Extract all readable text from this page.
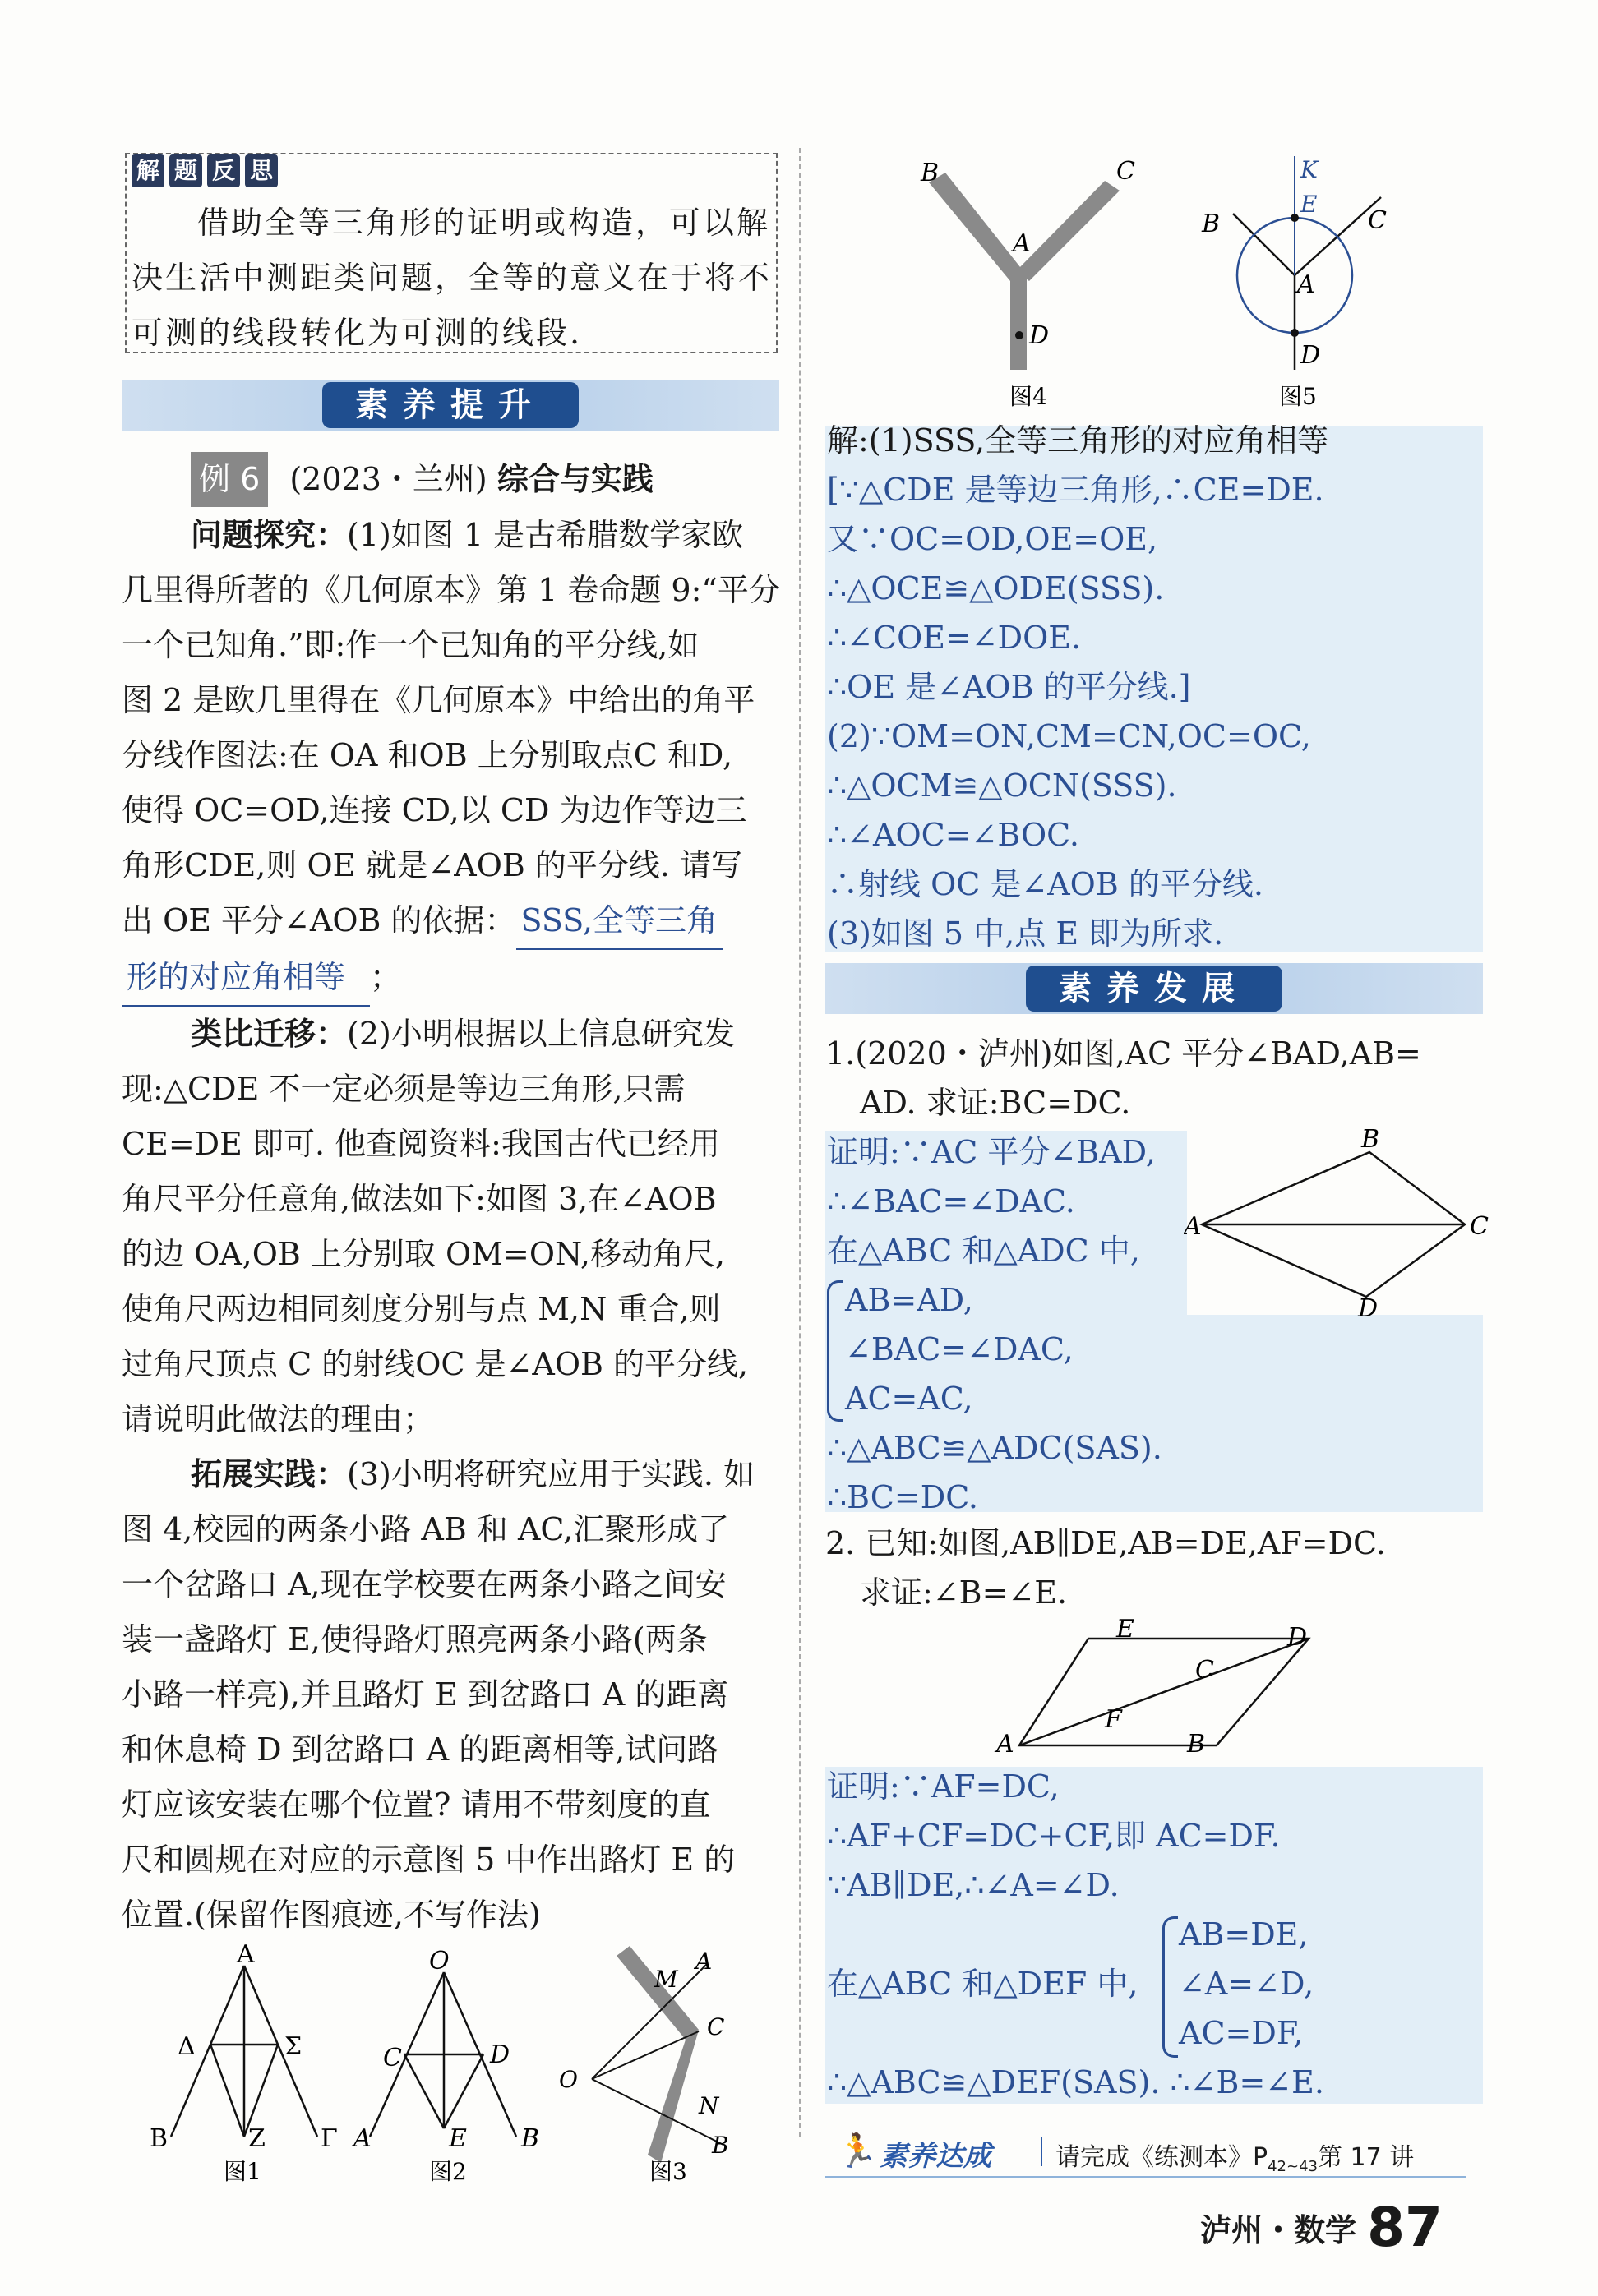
解 题 反 思
借助全等三角形的证明或构造，可以解
决生活中测距类问题，全等的意义在于将不
可测的线段转化为可测的线段.
素养提升
例 6 (2023・兰州) 综合与实践
问题探究：(1)如图 1 是古希腊数学家欧
几里得所著的《几何原本》第 1 卷命题 9:“平分
一个已知角.”即:作一个已知角的平分线,如
图 2 是欧几里得在《几何原本》中给出的角平
分线作图法:在 OA 和OB 上分别取点C 和D,
使得 OC=OD,连接 CD,以 CD 为边作等边三
角形CDE,则 OE 就是∠AOB 的平分线. 请写
出 OE 平分∠AOB 的依据： SSS,全等三角
形的对应角相等 ；
类比迁移：(2)小明根据以上信息研究发
现:△CDE 不一定必须是等边三角形,只需
CE=DE 即可. 他查阅资料:我国古代已经用
角尺平分任意角,做法如下:如图 3,在∠AOB
的边 OA,OB 上分别取 OM=ON,移动角尺,
使角尺两边相同刻度分别与点 M,N 重合,则
过角尺顶点 C 的射线OC 是∠AOB 的平分线,
请说明此做法的理由；
拓展实践：(3)小明将研究应用于实践. 如
图 4,校园的两条小路 AB 和 AC,汇聚形成了
一个岔路口 A,现在学校要在两条小路之间安
装一盏路灯 E,使得路灯照亮两条小路(两条
小路一样亮),并且路灯 E 到岔路口 A 的距离
和休息椅 D 到岔路口 A 的距离相等,试问路
灯应该安装在哪个位置? 请用不带刻度的直
尺和圆规在对应的示意图 5 中作出路灯 E 的
位置.(保留作图痕迹,不写作法)
A
Δ	Σ
B	Z Γ
图1
O
C	D
A	E B
图2
M
A
C
O
N
B
图3
B	C
A
D
图4
K
E
B	C
A
D
图5
解:(1)SSS,全等三角形的对应角相等
[∵△CDE 是等边三角形,∴CE=DE.
又∵OC=OD,OE=OE,
∴△OCE≌△ODE(SSS).
∴∠COE=∠DOE.
∴OE 是∠AOB 的平分线.]
(2)∵OM=ON,CM=CN,OC=OC,
∴△OCM≌△OCN(SSS).
∴∠AOC=∠BOC.
∴射线 OC 是∠AOB 的平分线.
(3)如图 5 中,点 E 即为所求.
素养发展
1.(2020・泸州)如图,AC 平分∠BAD,AB=
AD. 求证:BC=DC.
证明:∵AC 平分∠BAD,
∴∠BAC=∠DAC.
在△ABC 和△ADC 中,
AB=AD,
∠BAC=∠DAC,
AC=AC,
∴△ABC≌△ADC(SAS).
∴BC=DC.
B
A	C
D
2. 已知:如图,AB∥DE,AB=DE,AF=DC.
求证:∠B=∠E.
E	D
C
F
A	B
证明:∵AF=DC,
∴AF+CF=DC+CF,即 AC=DF.
∵AB∥DE,∴∠A=∠D.
在△ABC 和△DEF 中,
AB=DE,
∠A=∠D,
AC=DF,
∴△ABC≌△DEF(SAS). ∴∠B=∠E.
🏃 素养达成	请完成《练测本》$P_{42\sim 43}$第 17 讲
泸州・数学 87
